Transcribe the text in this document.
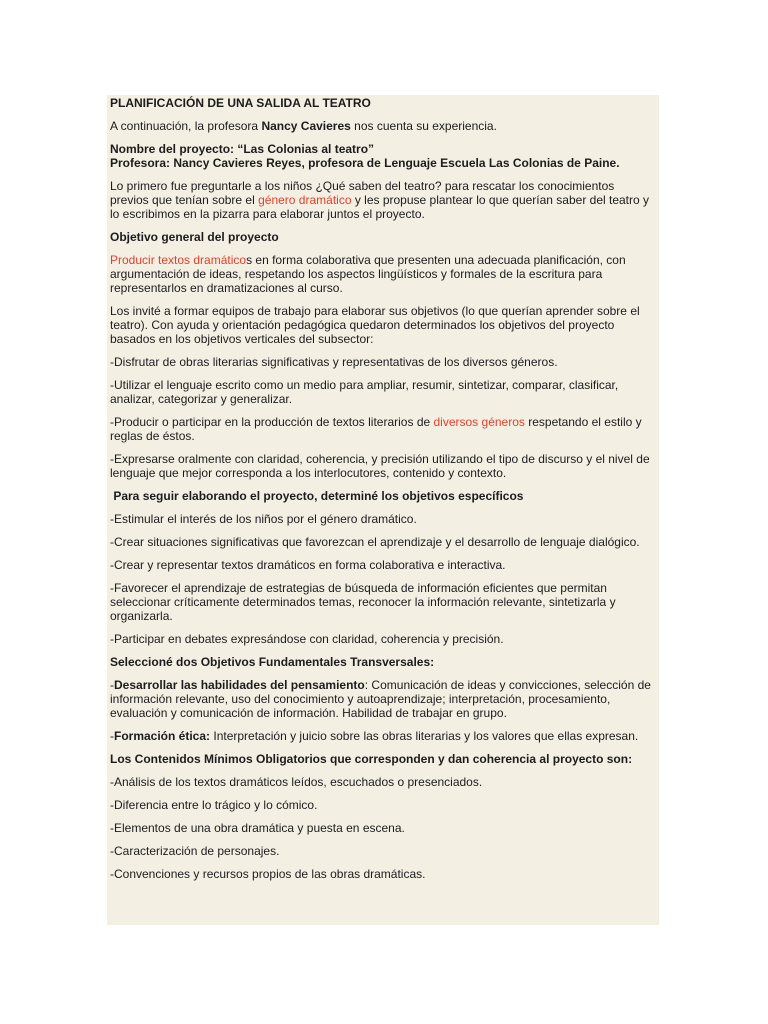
PLANIFICACIÓN DE UNA SALIDA AL TEATRO

A continuación, la profesora Nancy Cavieres nos cuenta su experiencia.

Nombre del proyecto: “Las Colonias al teatro”
Profesora: Nancy Cavieres Reyes, profesora de Lenguaje Escuela Las Colonias de Paine.

Lo primero fue preguntarle a los niños ¿Qué saben del teatro? para rescatar los conocimientos previos que tenían sobre el género dramático y les propuse plantear lo que querían saber del teatro y lo escribimos en la pizarra para elaborar juntos el proyecto.

Objetivo general del proyecto

Producir textos dramáticos en forma colaborativa que presenten una adecuada planificación, con argumentación de ideas, respetando los aspectos lingüísticos y formales de la escritura para representarlos en dramatizaciones al curso.

Los invité a formar equipos de trabajo para elaborar sus objetivos (lo que querían aprender sobre el teatro). Con ayuda y orientación pedagógica quedaron determinados los objetivos del proyecto basados en los objetivos verticales del subsector:

-Disfrutar de obras literarias significativas y representativas de los diversos géneros.

-Utilizar el lenguaje escrito como un medio para ampliar, resumir, sintetizar, comparar, clasificar, analizar, categorizar y generalizar.

-Producir o participar en la producción de textos literarios de diversos géneros respetando el estilo y reglas de éstos.

-Expresarse oralmente con claridad, coherencia, y precisión utilizando el tipo de discurso y el nivel de lenguaje que mejor corresponda a los interlocutores, contenido y contexto.

Para seguir elaborando el proyecto, determiné los objetivos específicos

-Estimular el interés de los niños por el género dramático.

-Crear situaciones significativas que favorezcan el aprendizaje y el desarrollo de lenguaje dialógico.

-Crear y representar textos dramáticos en forma colaborativa e interactiva.

-Favorecer el aprendizaje de estrategias de búsqueda de información eficientes que permitan seleccionar críticamente determinados temas, reconocer la información relevante, sintetizarla y organizarla.

-Participar en debates expresándose con claridad, coherencia y precisión.

Seleccioné dos Objetivos Fundamentales Transversales:

-Desarrollar las habilidades del pensamiento: Comunicación de ideas y convicciones, selección de información relevante, uso del conocimiento y autoaprendizaje; interpretación, procesamiento, evaluación y comunicación de información. Habilidad de trabajar en grupo.

-Formación ética: Interpretación y juicio sobre las obras literarias y los valores que ellas expresan.

Los Contenidos Mínimos Obligatorios que corresponden y dan coherencia al proyecto son:

-Análisis de los textos dramáticos leídos, escuchados o presenciados.

-Diferencia entre lo trágico y lo cómico.

-Elementos de una obra dramática y puesta en escena.

-Caracterización de personajes.

-Convenciones y recursos propios de las obras dramáticas.
